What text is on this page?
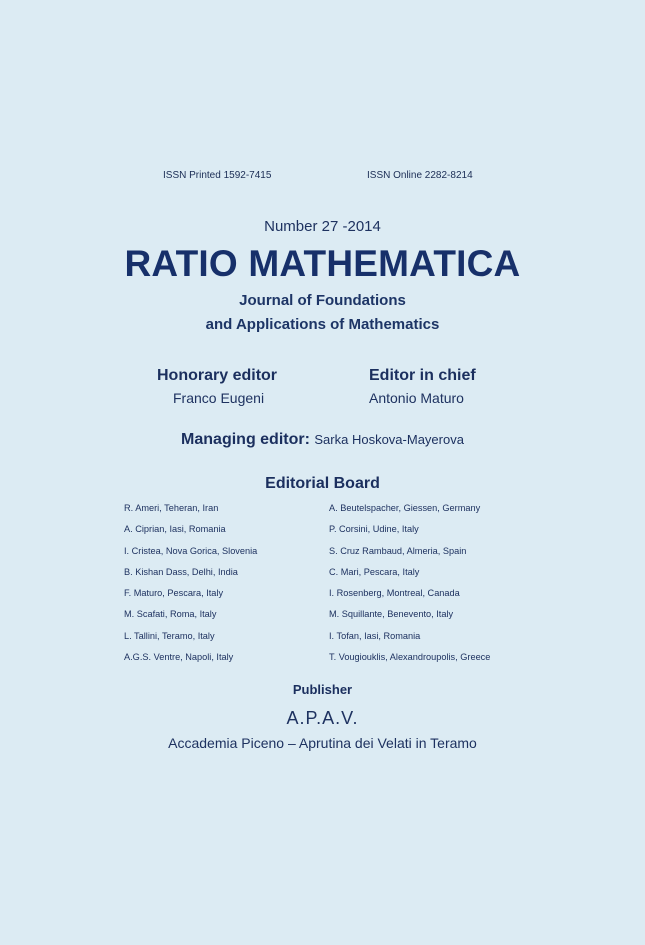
ISSN Printed 1592-7415	ISSN Online 2282-8214
Number 27 -2014
RATIO MATHEMATICA
Journal of Foundations
and Applications of Mathematics
Honorary editor
Franco Eugeni
Editor in chief
Antonio Maturo
Managing editor: Sarka Hoskova-Mayerova
Editorial Board
R. Ameri, Teheran, Iran	A. Beutelspacher, Giessen, Germany
A. Ciprian, Iasi, Romania	P. Corsini, Udine, Italy
I. Cristea, Nova Gorica, Slovenia	S. Cruz Rambaud, Almeria, Spain
B. Kishan Dass, Delhi, India	C. Mari, Pescara, Italy
F. Maturo, Pescara, Italy	I. Rosenberg, Montreal, Canada
M. Scafati, Roma, Italy	M. Squillante, Benevento, Italy
L. Tallini, Teramo, Italy	I. Tofan, Iasi, Romania
A.G.S. Ventre, Napoli, Italy	T. Vougiouklis, Alexandroupolis, Greece
Publisher
A.P.A.V.
Accademia Piceno – Aprutina dei Velati in Teramo
